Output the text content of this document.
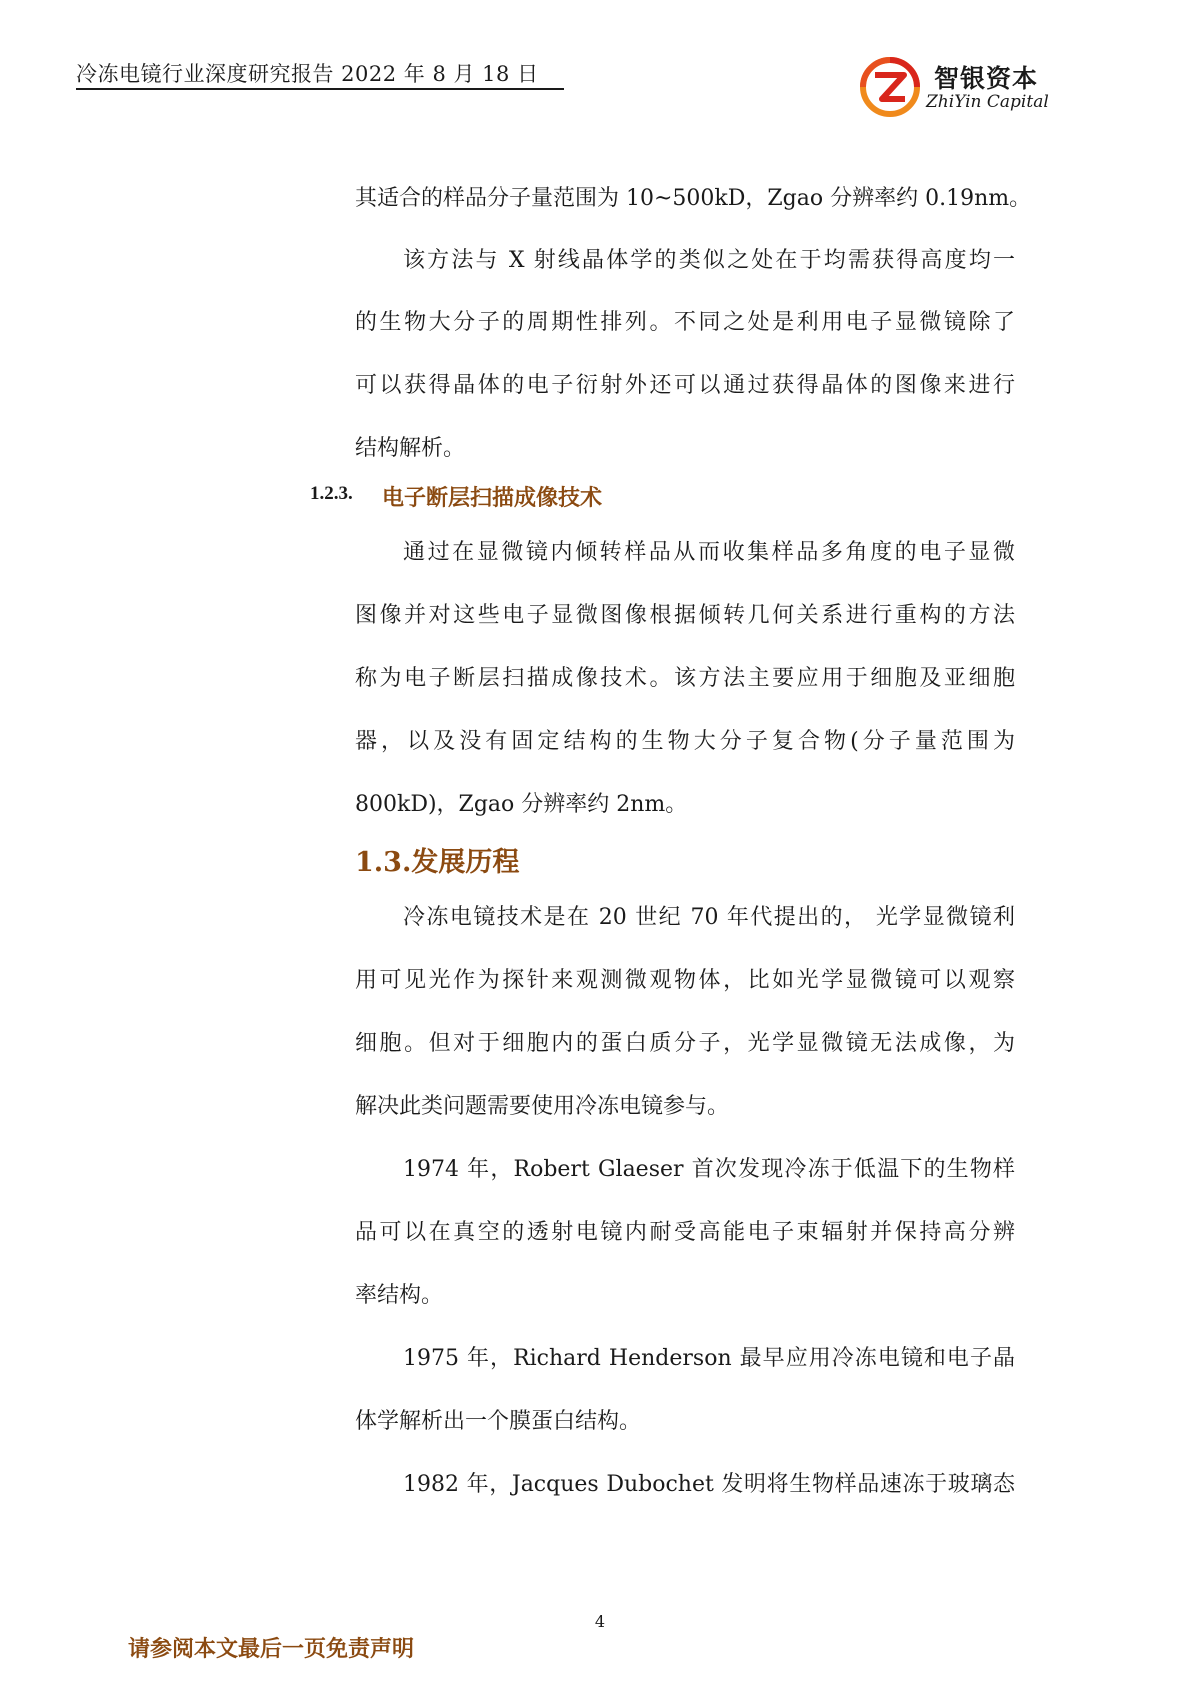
冷冻电镜行业深度研究报告 2022 年 8 月 18 日	智银资本
ZhiYin Capital
其适合的样品分子量范围为 10~500kD，Zgao 分辨率约 0.19nm。
该方法与 X 射线晶体学的类似之处在于均需获得高度均一
的生物大分子的周期性排列。不同之处是利用电子显微镜除了
可以获得晶体的电子衍射外还可以通过获得晶体的图像来进行
结构解析。
1.2.3. 电子断层扫描成像技术
通过在显微镜内倾转样品从而收集样品多角度的电子显微
图像并对这些电子显微图像根据倾转几何关系进行重构的方法
称为电子断层扫描成像技术。该方法主要应用于细胞及亚细胞
器，以及没有固定结构的生物大分子复合物(分子量范围为
800kD)，Zgao 分辨率约 2nm。
1.3.发展历程
冷冻电镜技术是在 20 世纪 70 年代提出的， 光学显微镜利
用可见光作为探针来观测微观物体，比如光学显微镜可以观察
细胞。但对于细胞内的蛋白质分子，光学显微镜无法成像，为
解决此类问题需要使用冷冻电镜参与。
1974 年，Robert Glaeser 首次发现冷冻于低温下的生物样
品可以在真空的透射电镜内耐受高能电子束辐射并保持高分辨
率结构。
1975 年，Richard Henderson 最早应用冷冻电镜和电子晶
体学解析出一个膜蛋白结构。
1982 年，Jacques Dubochet 发明将生物样品速冻于玻璃态
4
请参阅本文最后一页免责声明
